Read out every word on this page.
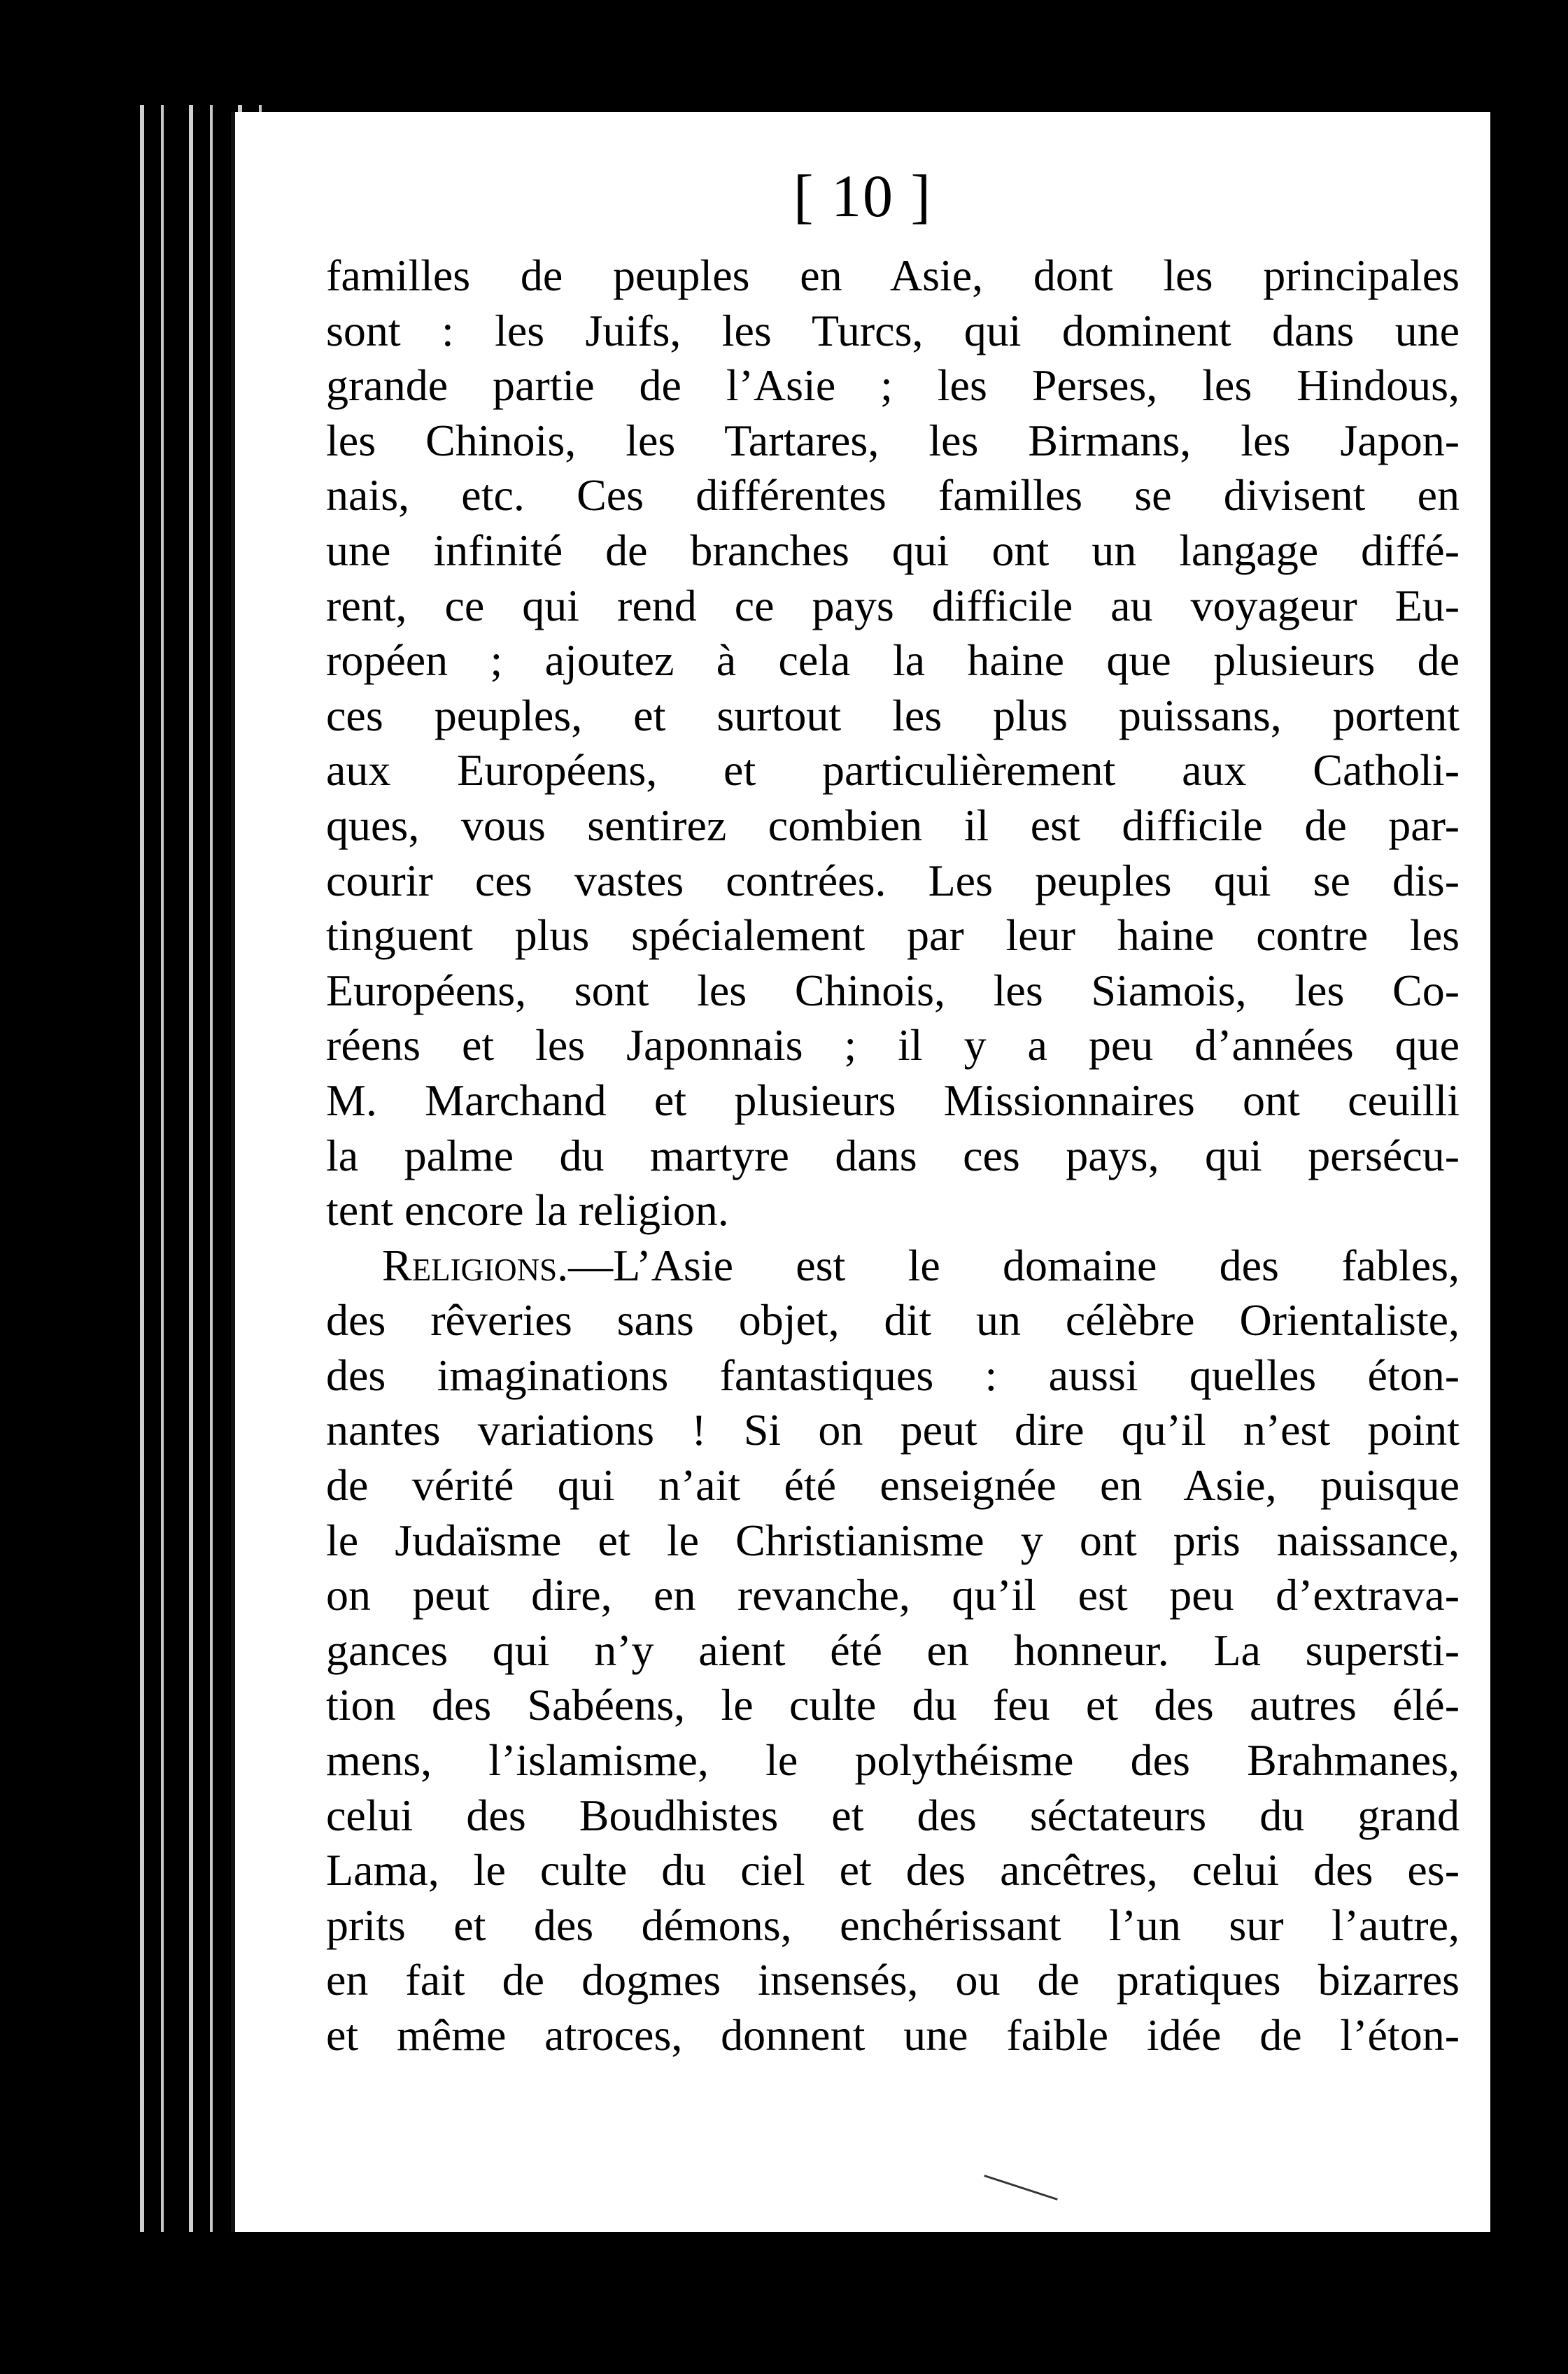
[ 10 ]
familles de peuples en Asie, dont les principales
sont : les Juifs, les Turcs, qui dominent dans une
grande partie de l’Asie ; les Perses, les Hindous,
les Chinois, les Tartares, les Birmans, les Japon-
nais, etc. Ces différentes familles se divisent en
une infinité de branches qui ont un langage diffé-
rent, ce qui rend ce pays difficile au voyageur Eu-
ropéen ; ajoutez à cela la haine que plusieurs de
ces peuples, et surtout les plus puissans, portent
aux Européens, et particulièrement aux Catholi-
ques, vous sentirez combien il est difficile de par-
courir ces vastes contrées. Les peuples qui se dis-
tinguent plus spécialement par leur haine contre les
Européens, sont les Chinois, les Siamois, les Co-
réens et les Japonnais ; il y a peu d’années que
M. Marchand et plusieurs Missionnaires ont ceuilli
la palme du martyre dans ces pays, qui persécu-
tent encore la religion.
Religions.—L’Asie est le domaine des fables,
des rêveries sans objet, dit un célèbre Orientaliste,
des imaginations fantastiques : aussi quelles éton-
nantes variations ! Si on peut dire qu’il n’est point
de vérité qui n’ait été enseignée en Asie, puisque
le Judaïsme et le Christianisme y ont pris naissance,
on peut dire, en revanche, qu’il est peu d’extrava-
gances qui n’y aient été en honneur. La supersti-
tion des Sabéens, le culte du feu et des autres élé-
mens, l’islamisme, le polythéisme des Brahmanes,
celui des Boudhistes et des séctateurs du grand
Lama, le culte du ciel et des ancêtres, celui des es-
prits et des démons, enchérissant l’un sur l’autre,
en fait de dogmes insensés, ou de pratiques bizarres
et même atroces, donnent une faible idée de l’éton-
